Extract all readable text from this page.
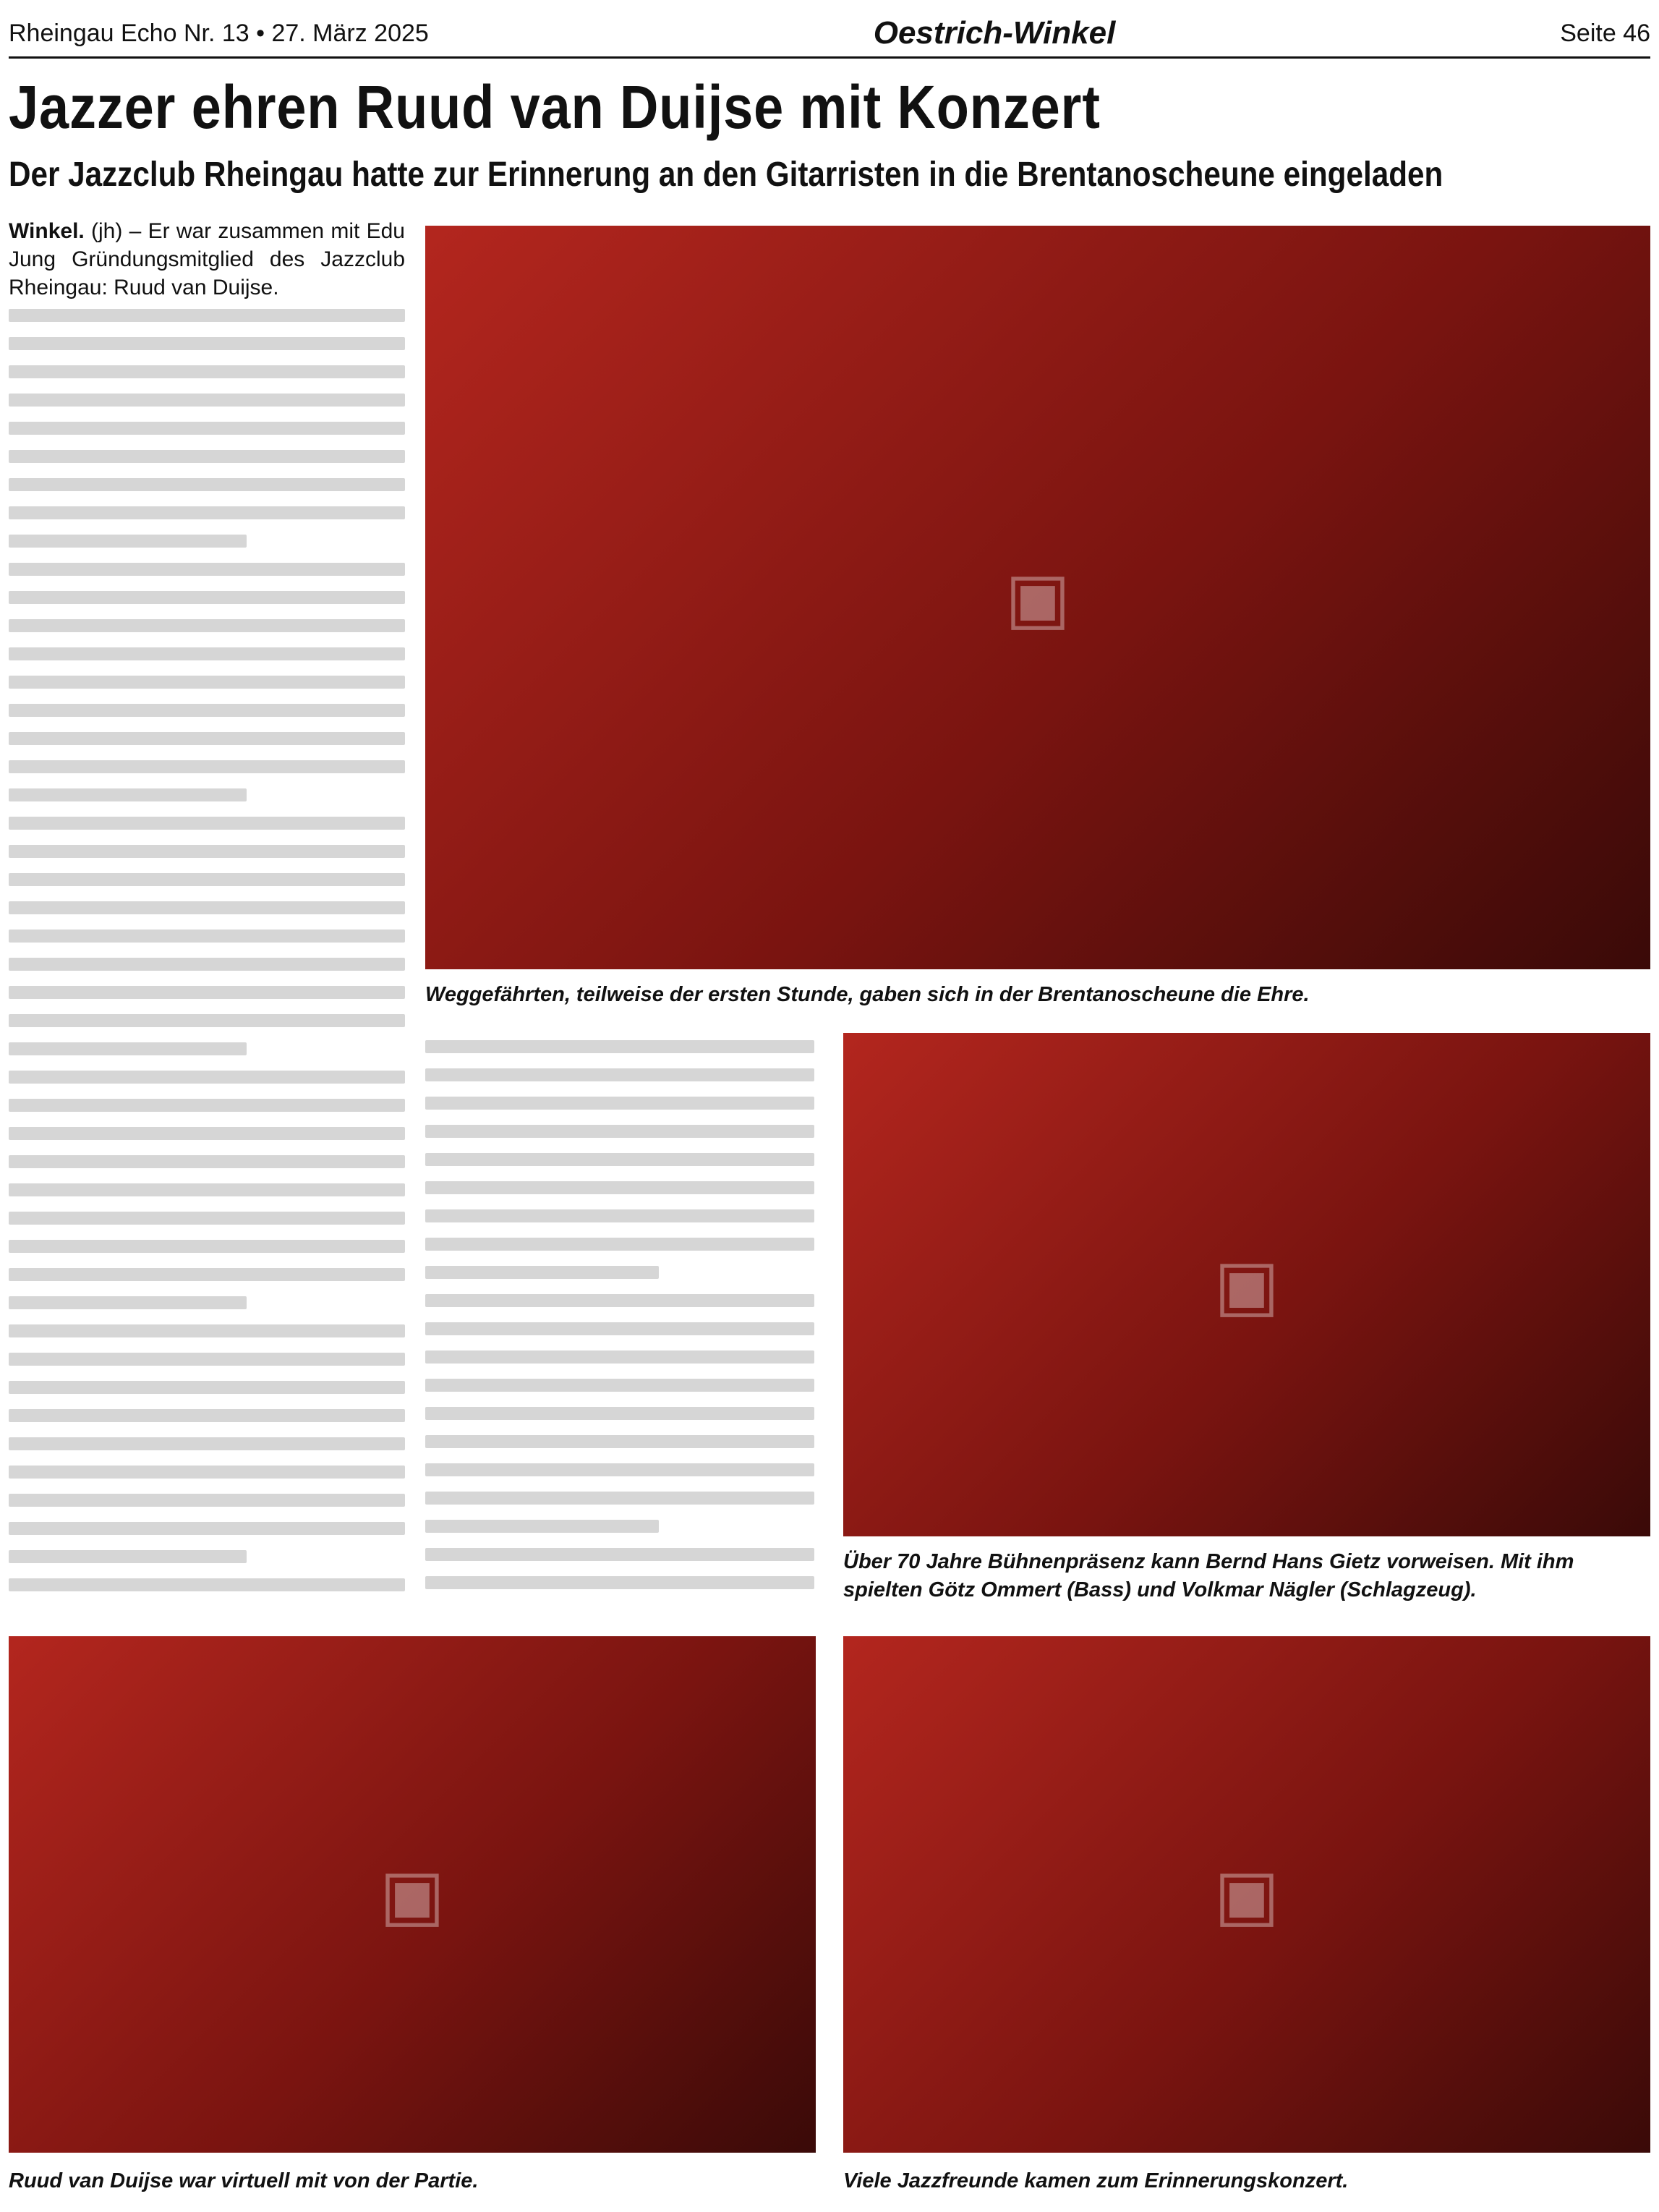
Rheingau Echo Nr. 13 • 27. März 2025	Oestrich-Winkel	Seite 46
Jazzer ehren Ruud van Duijse mit Konzert
Der Jazzclub Rheingau hatte zur Erinnerung an den Gitarristen in die Brentanoscheune eingeladen
Winkel. (jh) – Er war zusammen mit Edu Jung Gründungsmitglied des Jazzclub Rheingau: Ruud van Duijse.
▣
Weggefährten, teilweise der ersten Stunde, gaben sich in der Brentanoscheune die Ehre.
▣
Über 70 Jahre Bühnenpräsenz kann Bernd Hans Gietz vorweisen. Mit ihm spielten Götz Ommert (Bass) und Volkmar Nägler (Schlagzeug).
▣
Ruud van Duijse war virtuell mit von der Partie.
▣
Viele Jazzfreunde kamen zum Erinnerungskonzert.
